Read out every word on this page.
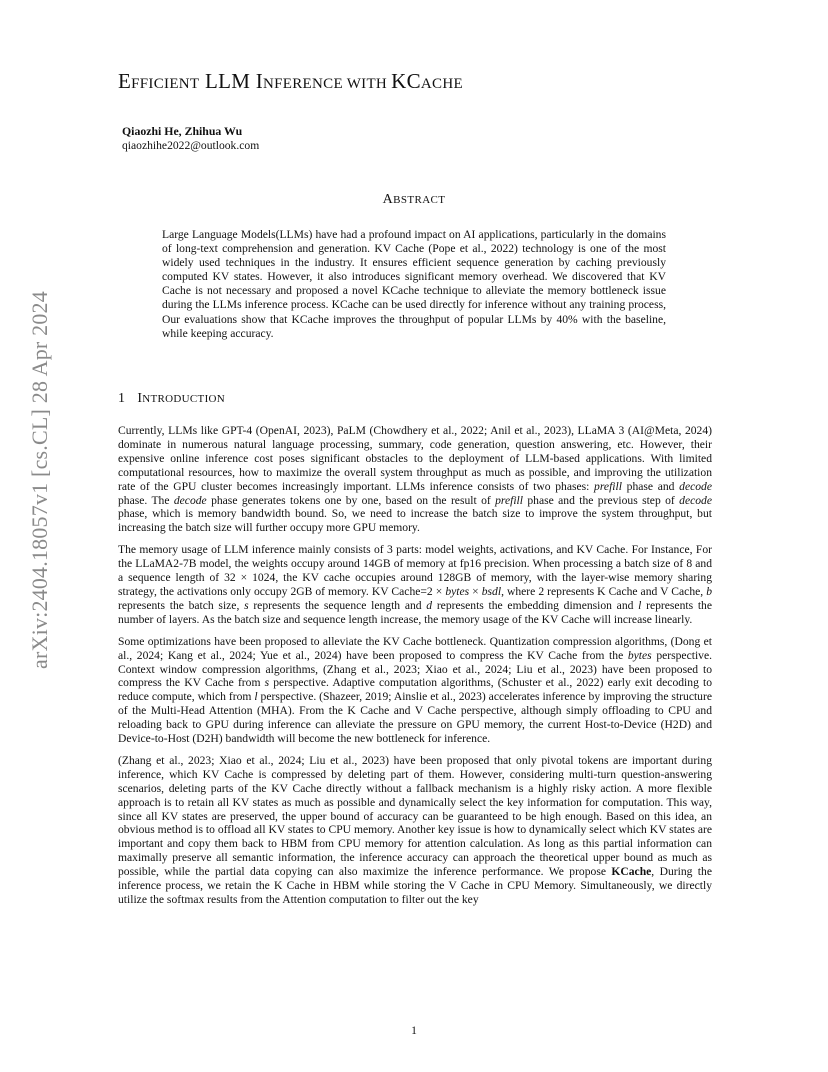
arXiv:2404.18057v1 [cs.CL] 28 Apr 2024
EFFICIENT LLM INFERENCE WITH KCACHE
Qiaozhi He, Zhihua Wu
qiaozhihe2022@outlook.com
ABSTRACT
Large Language Models(LLMs) have had a profound impact on AI applications, particularly in the domains of long-text comprehension and generation. KV Cache (Pope et al., 2022) technology is one of the most widely used techniques in the industry. It ensures efficient sequence generation by caching previously computed KV states. However, it also introduces significant memory overhead. We discovered that KV Cache is not necessary and proposed a novel KCache technique to alleviate the memory bottleneck issue during the LLMs inference process. KCache can be used directly for inference without any training process, Our evaluations show that KCache improves the throughput of popular LLMs by 40% with the baseline, while keeping accuracy.
1 INTRODUCTION

Currently, LLMs like GPT-4 (OpenAI, 2023), PaLM (Chowdhery et al., 2022; Anil et al., 2023), LLaMA 3 (AI@Meta, 2024) dominate in numerous natural language processing, summary, code generation, question answering, etc. However, their expensive online inference cost poses significant obstacles to the deployment of LLM-based applications. With limited computational resources, how to maximize the overall system throughput as much as possible, and improving the utilization rate of the GPU cluster becomes increasingly important. LLMs inference consists of two phases: prefill phase and decode phase. The decode phase generates tokens one by one, based on the result of prefill phase and the previous step of decode phase, which is memory bandwidth bound. So, we need to increase the batch size to improve the system throughput, but increasing the batch size will further occupy more GPU memory.

The memory usage of LLM inference mainly consists of 3 parts: model weights, activations, and KV Cache. For Instance, For the LLaMA2-7B model, the weights occupy around 14GB of memory at fp16 precision. When processing a batch size of 8 and a sequence length of 32 × 1024, the KV cache occupies around 128GB of memory, with the layer-wise memory sharing strategy, the activations only occupy 2GB of memory. KV Cache=2 × bytes × bsdl, where 2 represents K Cache and V Cache, b represents the batch size, s represents the sequence length and d represents the embedding dimension and l represents the number of layers. As the batch size and sequence length increase, the memory usage of the KV Cache will increase linearly.

Some optimizations have been proposed to alleviate the KV Cache bottleneck. Quantization compression algorithms, (Dong et al., 2024; Kang et al., 2024; Yue et al., 2024) have been proposed to compress the KV Cache from the bytes perspective. Context window compression algorithms, (Zhang et al., 2023; Xiao et al., 2024; Liu et al., 2023) have been proposed to compress the KV Cache from s perspective. Adaptive computation algorithms, (Schuster et al., 2022) early exit decoding to reduce compute, which from l perspective. (Shazeer, 2019; Ainslie et al., 2023) accelerates inference by improving the structure of the Multi-Head Attention (MHA). From the K Cache and V Cache perspective, although simply offloading to CPU and reloading back to GPU during inference can alleviate the pressure on GPU memory, the current Host-to-Device (H2D) and Device-to-Host (D2H) bandwidth will become the new bottleneck for inference.

(Zhang et al., 2023; Xiao et al., 2024; Liu et al., 2023) have been proposed that only pivotal tokens are important during inference, which KV Cache is compressed by deleting part of them. However, considering multi-turn question-answering scenarios, deleting parts of the KV Cache directly without a fallback mechanism is a highly risky action. A more flexible approach is to retain all KV states as much as possible and dynamically select the key information for computation. This way, since all KV states are preserved, the upper bound of accuracy can be guaranteed to be high enough. Based on this idea, an obvious method is to offload all KV states to CPU memory. Another key issue is how to dynamically select which KV states are important and copy them back to HBM from CPU memory for attention calculation. As long as this partial information can maximally preserve all semantic information, the inference accuracy can approach the theoretical upper bound as much as possible, while the partial data copying can also maximize the inference performance. We propose KCache, During the inference process, we retain the K Cache in HBM while storing the V Cache in CPU Memory. Simultaneously, we directly utilize the softmax results from the Attention computation to filter out the key

1
